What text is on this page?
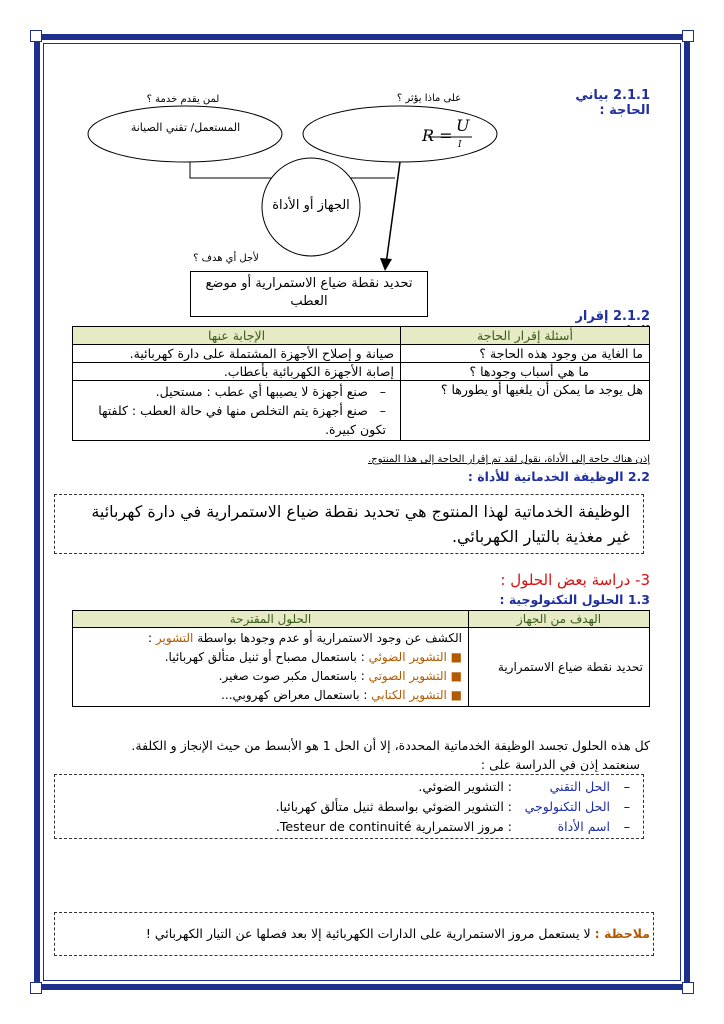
2.1.1 بياني الحاجة :
لمن يقدم خدمة ؟	على ماذا يؤثر ؟
المستعمل/ تقني الصيانة	R =
U
I
الجهاز أو الأداة
لأجل أي هدف ؟
تحديد نقطة ضياع الاستمرارية أو موضع العطب
2.1.2 إقرار
أسئلة إقرار الحاجة	الإجابة عنها
ما الغاية من وجود هذه الحاجة ؟	صيانة و إصلاح الأجهزة المشتملة على دارة كهربائية.
ما هي أسباب وجودها ؟	إصابة الأجهزة الكهربائية بأعطاب.
هل يوجد ما يمكن أن يلغيها أو يطورها ؟	–   صنع أجهزة لا يصيبها أي عطب : مستحيل.
–   صنع أجهزة يتم التخلص منها في حالة العطب : كلفتها تكون كبيرة.
إذن هناك حاجة إلى الأداة، نقول لقد تم إقرار الحاجة إلى هذا المنتوج.
2.2 الوظيفة الخدماتية للأداة :
الوظيفة الخدماتية لهذا المنتوج هي تحديد نقطة ضياع الاستمرارية في دارة كهربائية غير مغذية بالتيار الكهربائي.
3- دراسة بعض الحلول :
1.3 الحلول التكنولوجية :
الهدف من الجهاز	الحلول المقترحة
تحديد نقطة ضياع الاستمرارية	الكشف عن وجود الاستمرارية أو عدم وجودها بواسطة التشوير :
■ التشوير الضوئي : باستعمال مصباح أو ثنيل متألق كهربائيا.
■ التشوير الصوتي : باستعمال مكبر صوت صغير.
■ التشوير الكتابي : باستعمال معراض كهروبي...
كل هذه الحلول تجسد الوظيفة الخدماتية المحددة، إلا أن الحل 1 هو الأبسط من حيث الإنجاز و الكلفة.
سنعتمد إذن في الدراسة على :
–الحل التقني: التشوير الضوئي.
–الحل التكنولوجي: التشوير الضوئي بواسطة ثنيل متألق كهربائيا.
–اسم الأداة: مروز الاستمرارية Testeur de continuité.
ملاحظة : لا يستعمل مروز الاستمرارية على الدارات الكهربائية إلا بعد فصلها عن التيار الكهربائي !
